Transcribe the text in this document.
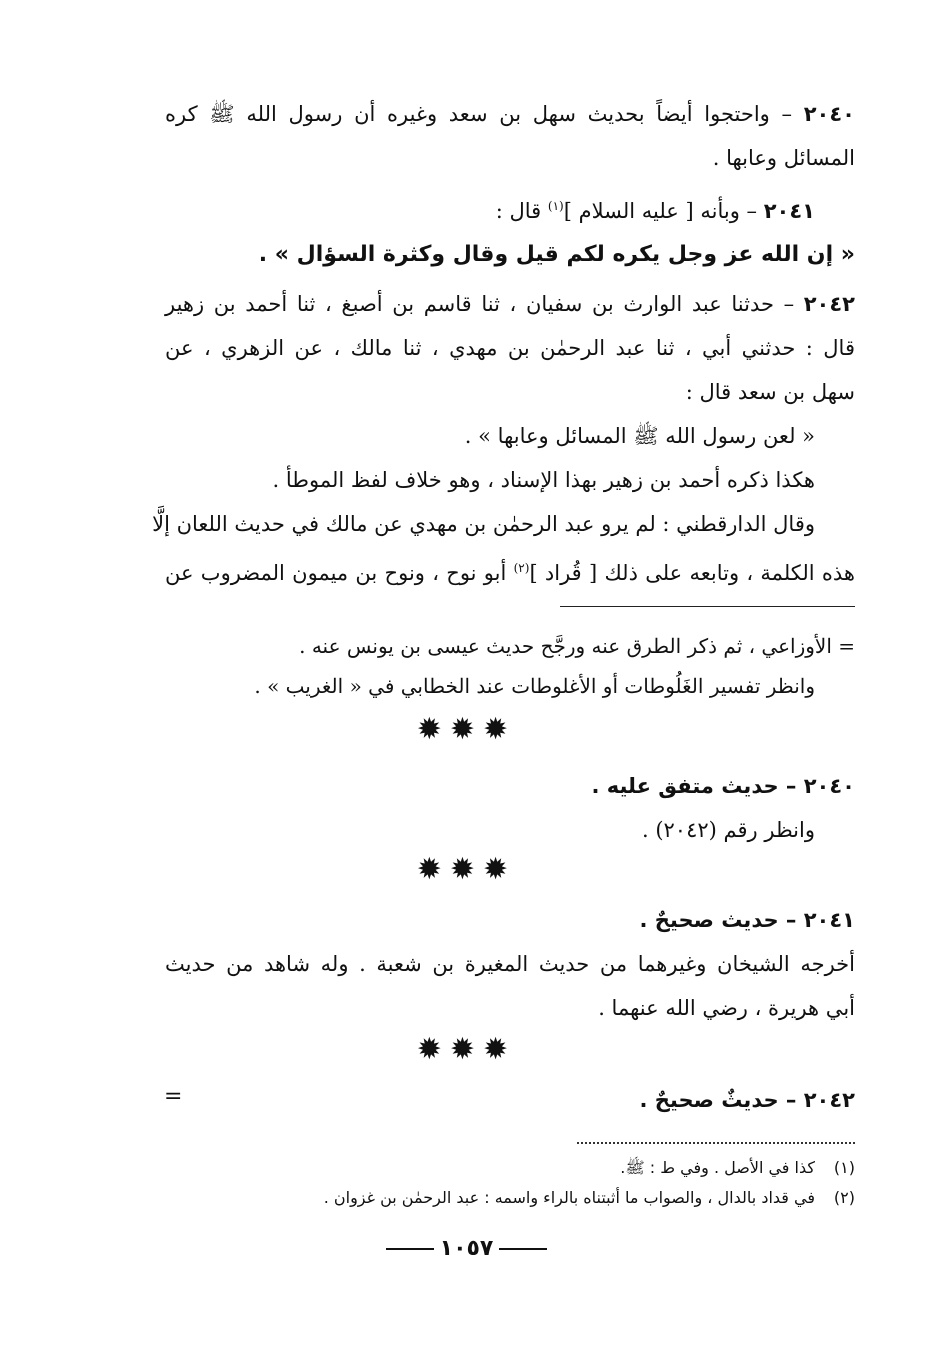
٢٠٤٠ – واحتجوا أيضاً بحديث سهل بن سعد وغيره أن رسول الله ﷺ كره
المسائل وعابها .
٢٠٤١ – وبأنه [ عليه السلام ]$^{(١)}$ قال :
« إن الله عز وجل يكره لكم قيل وقال وكثرة السؤال » .
٢٠٤٢ – حدثنا عبد الوارث بن سفيان ، ثنا قاسم بن أصبغ ، ثنا أحمد بن زهير
قال : حدثني أبي ، ثنا عبد الرحمٰن بن مهدي ، ثنا مالك ، عن الزهري ، عن
سهل بن سعد قال :
« لعن رسول الله ﷺ المسائل وعابها » .
هكذا ذكره أحمد بن زهير بهذا الإسناد ، وهو خلاف لفظ الموطأ .
وقال الدارقطني : لم يرو عبد الرحمٰن بن مهدي عن مالك في حديث اللعان إلَّا
هذه الكلمة ، وتابعه على ذلك [ قُراد ]$^{(٢)}$ أبو نوح ، ونوح بن ميمون المضروب عن
= الأوزاعي ، ثم ذكر الطرق عنه ورجَّح حديث عيسى بن يونس عنه .
وانظر تفسير الغَلُوطات أو الأغلوطات عند الخطابي في « الغريب » .
✹✹✹
٢٠٤٠ – حديث متفق عليه .
وانظر رقم (٢٠٤٢) .
✹✹✹
٢٠٤١ – حديث صحيحٌ .
أخرجه الشيخان وغيرهما من حديث المغيرة بن شعبة . وله شاهد من حديث
أبي هريرة ، رضي الله عنهما .
✹✹✹
٢٠٤٢ – حديثٌ صحيحٌ .
=
(١)كذا في الأصل . وفي ط : ﷺ.
(٢)في قداد بالدال ، والصواب ما أثبتناه بالراء واسمه : عبد الرحمٰن بن غزوان .
١٠٥٧
